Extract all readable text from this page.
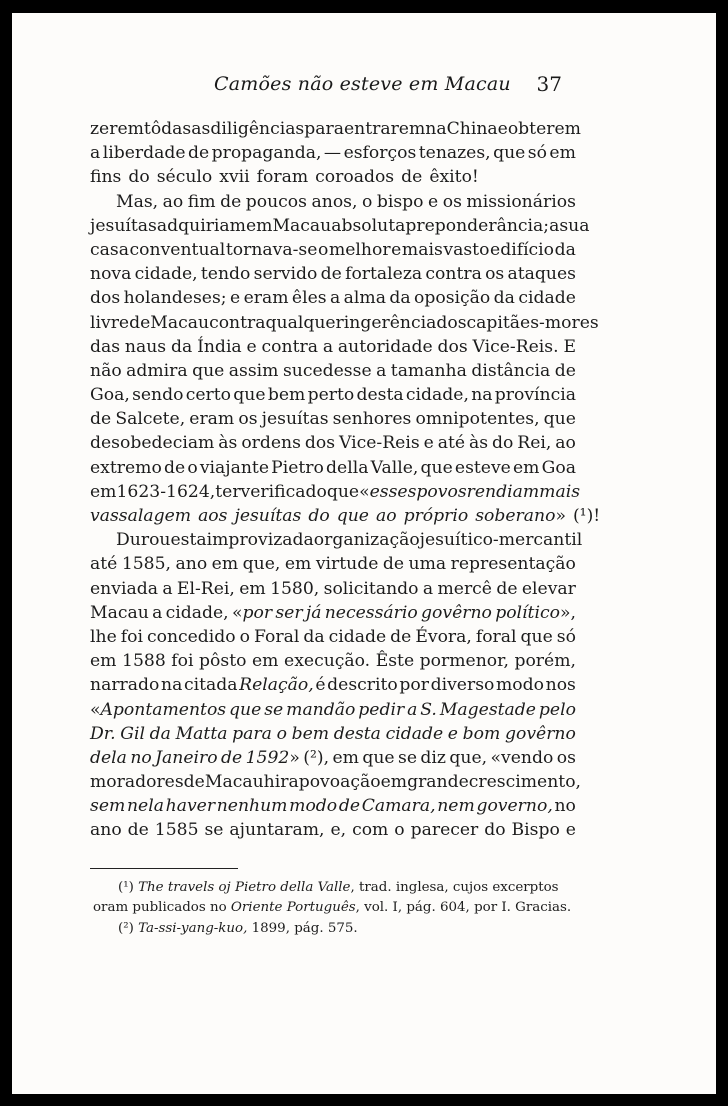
Camões não esteve em Macau 37
zerem tôdas as diligências para entrarem na China e obterem
a liberdade de propaganda, — esforços tenazes, que só em
fins do século xvii foram coroados de êxito!
Mas, ao fim de poucos anos, o bispo e os missionários
jesuítas adquiriam em Macau absoluta preponderância; a sua
casa conventual tornava-se o melhor e mais vasto edifício da
nova cidade, tendo servido de fortaleza contra os ataques
dos holandeses; e eram êles a alma da oposição da cidade
livre de Macau contra qualquer ingerência dos capitães-mores
das naus da Índia e contra a autoridade dos Vice-Reis. E
não admira que assim sucedesse a tamanha distância de
Goa, sendo certo que bem perto desta cidade, na província
de Salcete, eram os jesuítas senhores omnipotentes, que
desobedeciam às ordens dos Vice-Reis e até às do Rei, ao
extremo de o viajante Pietro della Valle, que esteve em Goa
em 1623-1624, ter verificado que «esses povos rendiam mais
vassalagem aos jesuítas do que ao próprio soberano» (¹)!
Durou esta improvizada organização jesuítico-mercantil
até 1585, ano em que, em virtude de uma representação
enviada a El-Rei, em 1580, solicitando a mercê de elevar
Macau a cidade, «por ser já necessário govêrno político»,
lhe foi concedido o Foral da cidade de Évora, foral que só
em 1588 foi pôsto em execução. Êste pormenor, porém,
narrado na citada Relação, é descrito por diverso modo nos
«Apontamentos que se mandão pedir a S. Magestade pelo
Dr. Gil da Matta para o bem desta cidade e bom govêrno
dela no Janeiro de 1592» (²), em que se diz que, «vendo os
moradores de Macau hir a povoação em grande crescimento,
sem nela haver nenhum modo de Camara, nem governo, no
ano de 1585 se ajuntaram, e, com o parecer do Bispo e
(¹) The travels oj Pietro della Valle, trad. inglesa, cujos excerptos
oram publicados no Oriente Português, vol. I, pág. 604, por I. Gracias.
(²) Ta-ssi-yang-kuo, 1899, pág. 575.
